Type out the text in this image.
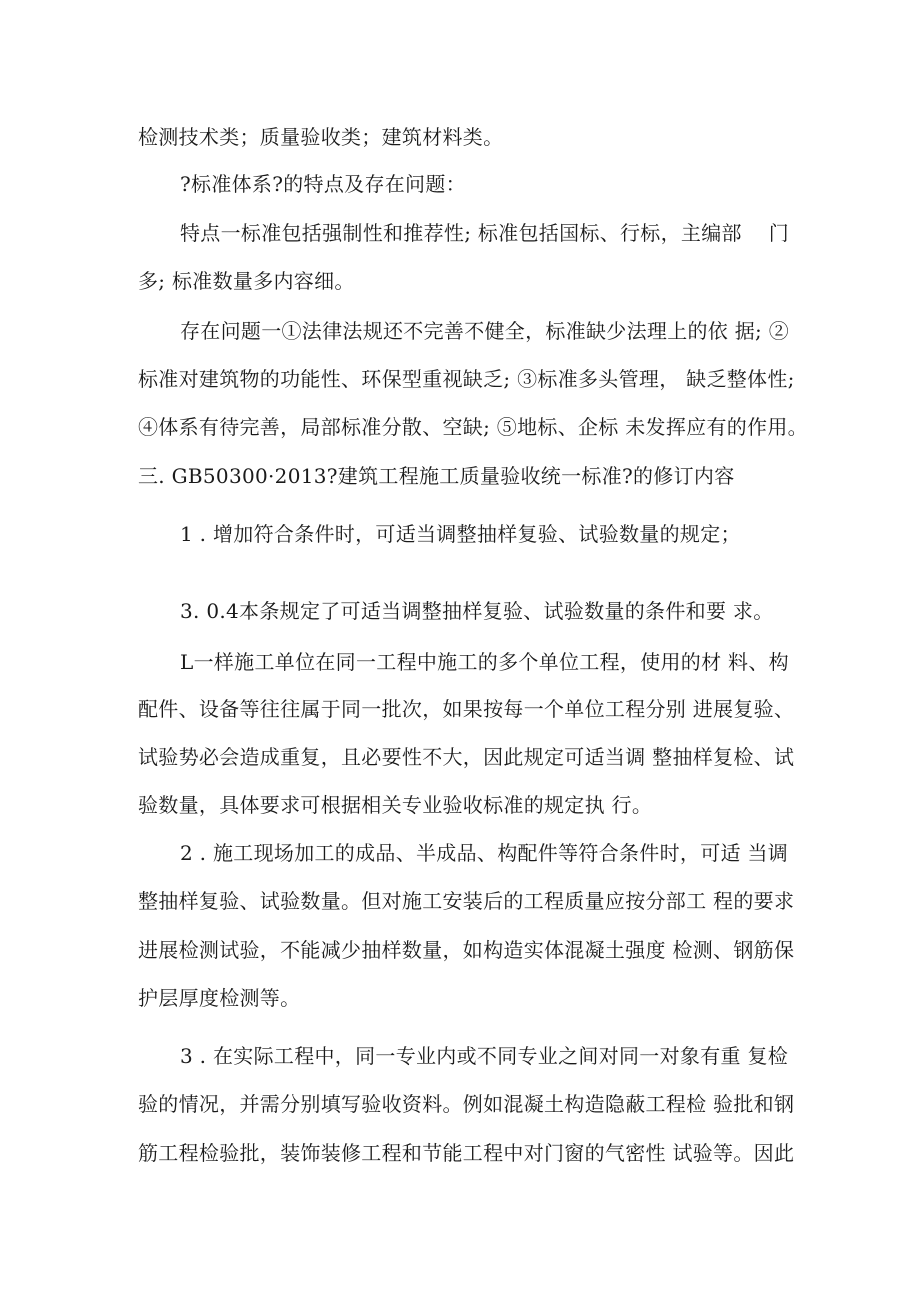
检测技术类；质量验收类；建筑材料类。
?标准体系?的特点及存在问题：
特点一标准包括强制性和推荐性; 标准包括国标、行标，主编部　 门
多; 标准数量多内容细。
存在问题一①法律法规还不完善不健全，标准缺少法理上的依 据; ②
标准对建筑物的功能性、环保型重视缺乏; ③标准多头管理， 缺乏整体性;
④体系有待完善，局部标准分散、空缺; ⑤地标、企标 未发挥应有的作用。
三. GB50300·2013?建筑工程施工质量验收统一标准?的修订内容
1 . 增加符合条件时，可适当调整抽样复验、试验数量的规定；
3. 0.4本条规定了可适当调整抽样复验、试验数量的条件和要 求。
L一样施工单位在同一工程中施工的多个单位工程，使用的材 料、构
配件、设备等往往属于同一批次，如果按每一个单位工程分别 进展复验、
试验势必会造成重复，且必要性不大，因此规定可适当调 整抽样复检、试
验数量，具体要求可根据相关专业验收标准的规定执 行。
2 . 施工现场加工的成品、半成品、构配件等符合条件时，可适 当调
整抽样复验、试验数量。但对施工安装后的工程质量应按分部工 程的要求
进展检测试验，不能减少抽样数量，如构造实体混凝土强度 检测、钢筋保
护层厚度检测等。
3 . 在实际工程中，同一专业内或不同专业之间对同一对象有重 复检
验的情况，并需分别填写验收资料。例如混凝土构造隐蔽工程检 验批和钢
筋工程检验批，装饰装修工程和节能工程中对门窗的气密性 试验等。因此
